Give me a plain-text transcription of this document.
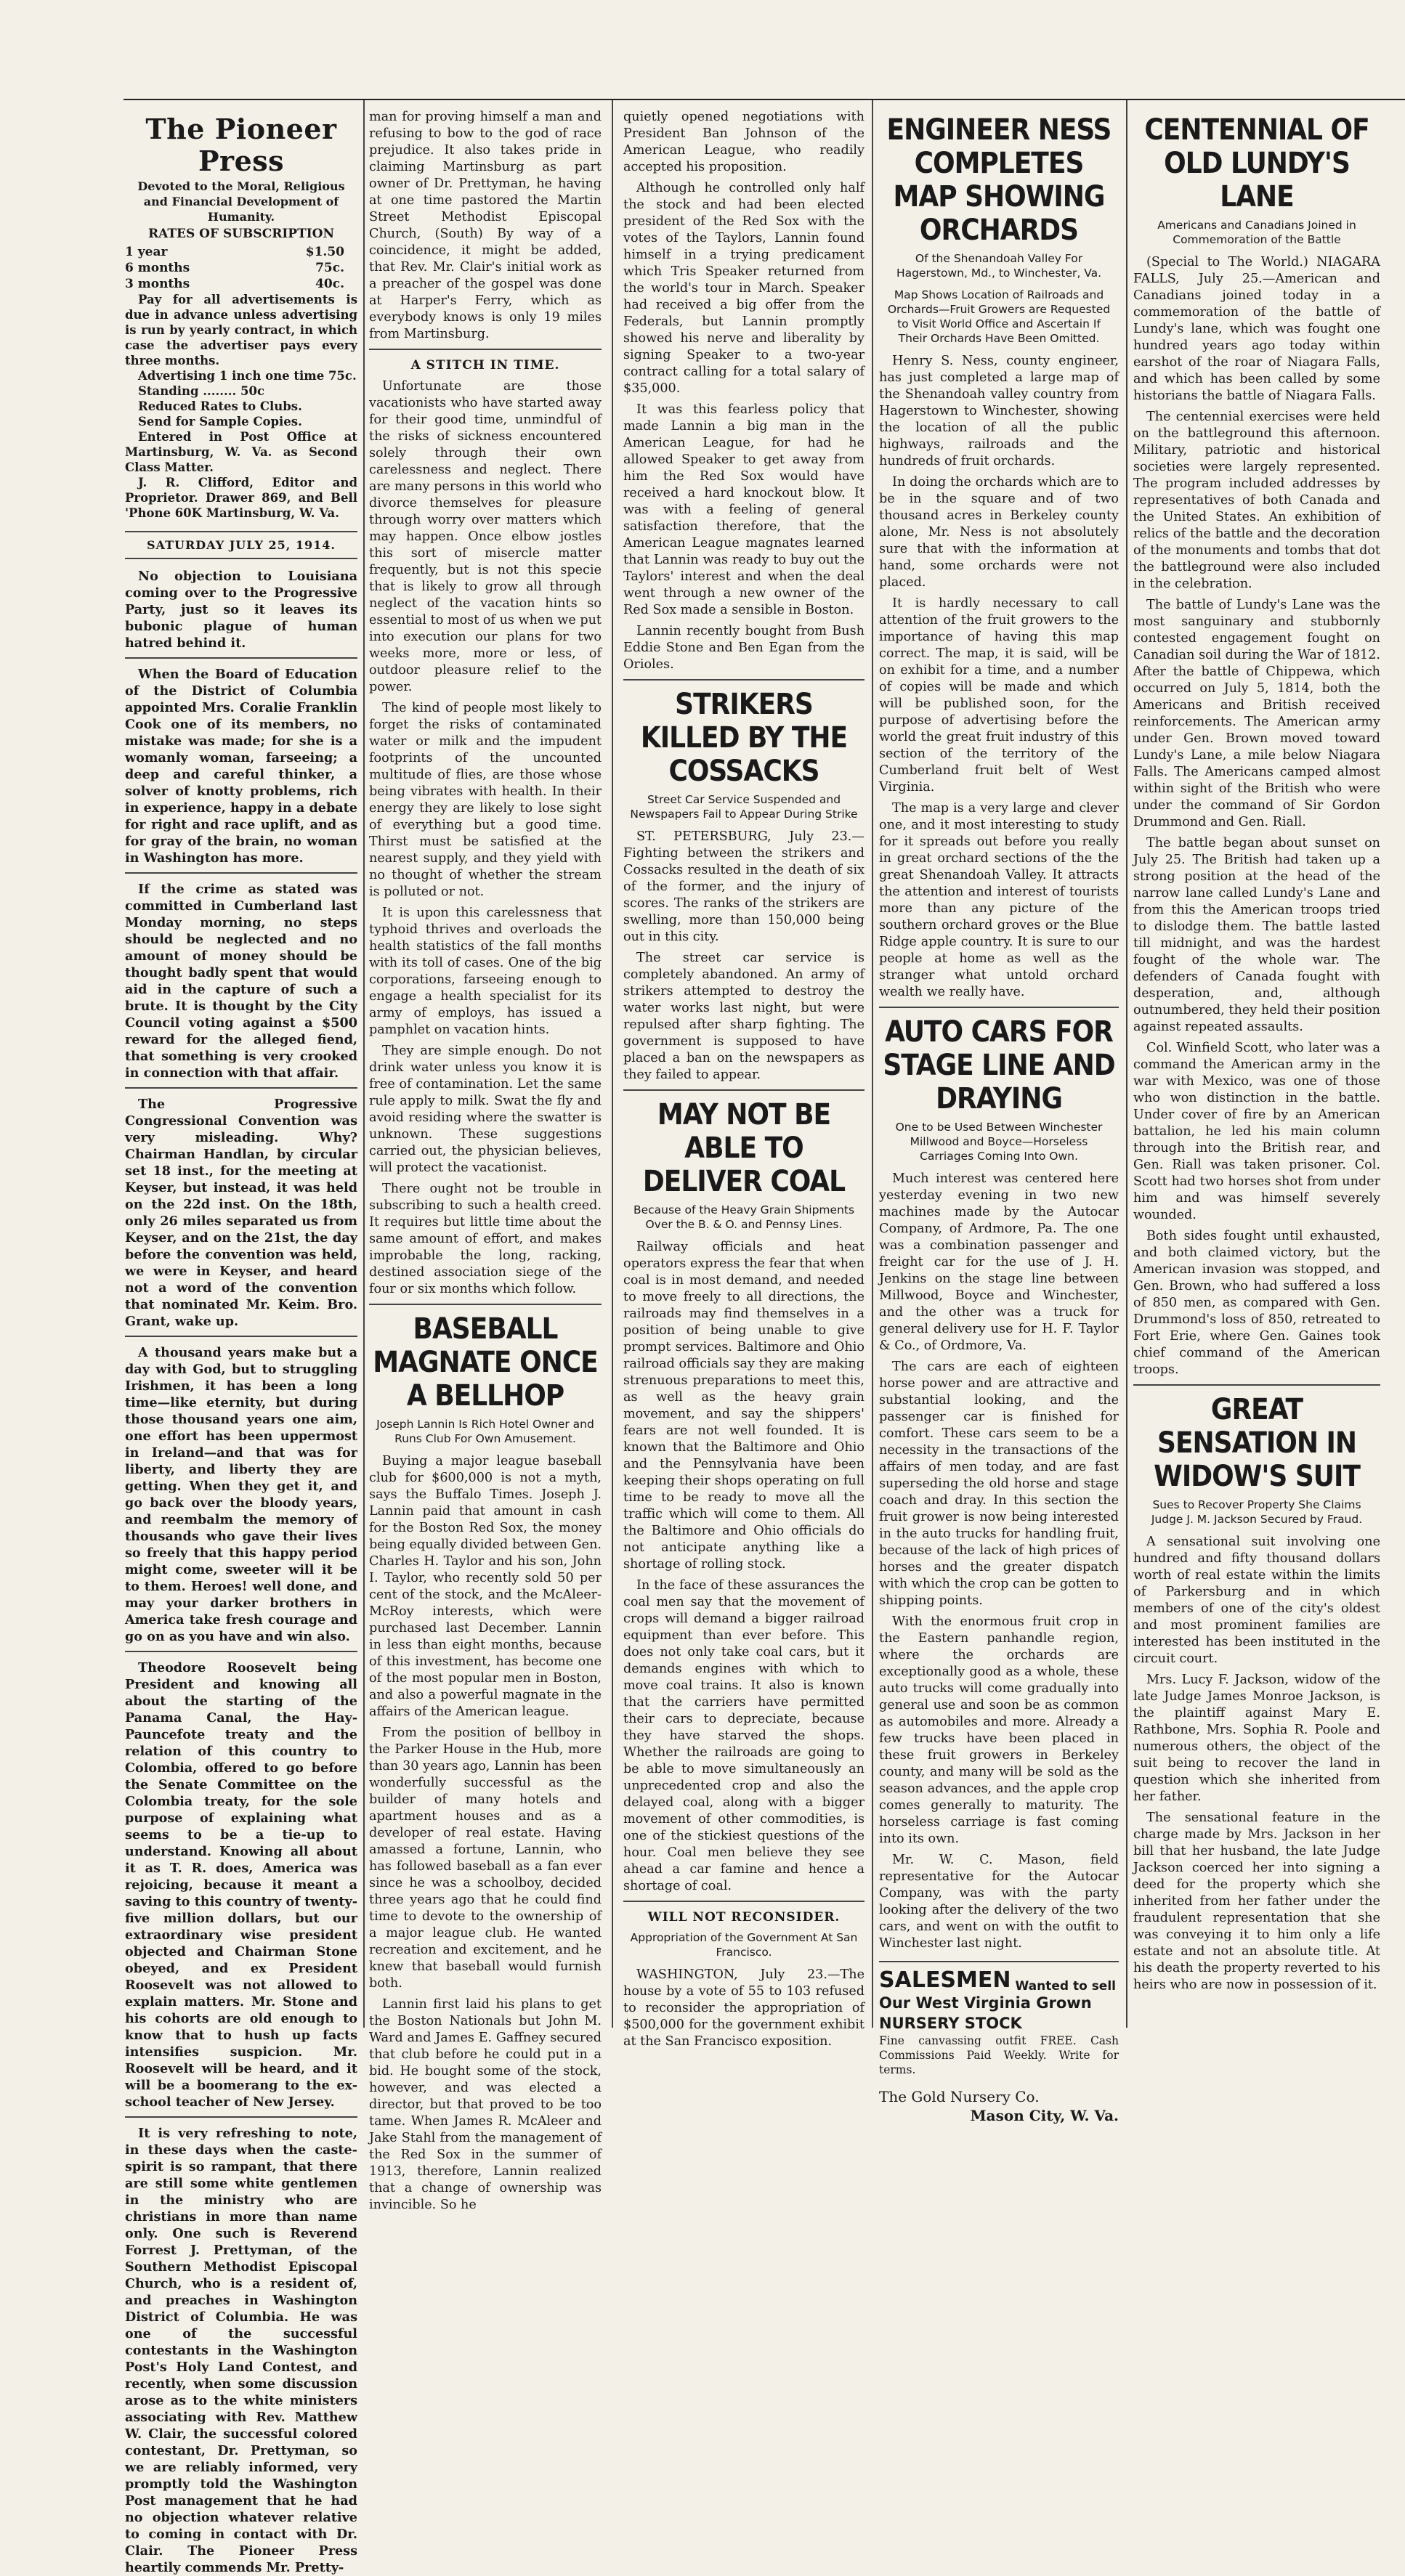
The Pioneer Press
Devoted to the Moral, Religious and Financial Development of Humanity.
RATES OF SUBSCRIPTION
1 year	$1.50
6 months	75c.
3 months	40c.

Pay for all advertisements is due in advance unless advertising is run by yearly contract, in which case the advertiser pays every three months.

Advertising 1 inch one time 75c.

Standing ........ 50c

Reduced Rates to Clubs.

Send for Sample Copies.

Entered in Post Office at Martinsburg, W. Va. as Second Class Matter.

J. R. Clifford, Editor and Proprietor. Drawer 869, and Bell 'Phone 60K Martinsburg, W. Va.

SATURDAY JULY 25, 1914.

No objection to Louisiana coming over to the Progressive Party, just so it leaves its bubonic plague of human hatred behind it.

When the Board of Education of the District of Columbia appointed Mrs. Coralie Franklin Cook one of its members, no mistake was made; for she is a womanly woman, farseeing; a deep and careful thinker, a solver of knotty problems, rich in experience, happy in a debate for right and race uplift, and as for gray of the brain, no woman in Washington has more.

If the crime as stated was committed in Cumberland last Monday morning, no steps should be neglected and no amount of money should be thought badly spent that would aid in the capture of such a brute. It is thought by the City Council voting against a $500 reward for the alleged fiend, that something is very crooked in connection with that affair.

The Progressive Congressional Convention was very misleading. Why? Chairman Handlan, by circular set 18 inst., for the meeting at Keyser, but instead, it was held on the 22d inst. On the 18th, only 26 miles separated us from Keyser, and on the 21st, the day before the convention was held, we were in Keyser, and heard not a word of the convention that nominated Mr. Keim. Bro. Grant, wake up.

A thousand years make but a day with God, but to struggling Irishmen, it has been a long time—like eternity, but during those thousand years one aim, one effort has been uppermost in Ireland—and that was for liberty, and liberty they are getting. When they get it, and go back over the bloody years, and reembalm the memory of thousands who gave their lives so freely that this happy period might come, sweeter will it be to them. Heroes! well done, and may your darker brothers in America take fresh courage and go on as you have and win also.

Theodore Roosevelt being President and knowing all about the starting of the Panama Canal, the Hay-Pauncefote treaty and the relation of this country to Colombia, offered to go before the Senate Committee on the Colombia treaty, for the sole purpose of explaining what seems to be a tie-up to understand. Knowing all about it as T. R. does, America was rejoicing, because it meant a saving to this country of twenty-five million dollars, but our extraordinary wise president objected and Chairman Stone obeyed, and ex President Roosevelt was not allowed to explain matters. Mr. Stone and his cohorts are old enough to know that to hush up facts intensifies suspicion. Mr. Roosevelt will be heard, and it will be a boomerang to the ex-school teacher of New Jersey.

It is very refreshing to note, in these days when the caste-spirit is so rampant, that there are still some white gentlemen in the ministry who are christians in more than name only. One such is Reverend Forrest J. Prettyman, of the Southern Methodist Episcopal Church, who is a resident of, and preaches in Washington District of Columbia. He was one of the successful contestants in the Washington Post's Holy Land Contest, and recently, when some discussion arose as to the white ministers associating with Rev. Matthew W. Clair, the successful colored contestant, Dr. Prettyman, so we are reliably informed, very promptly told the Washington Post management that he had no objection whatever relative to coming in contact with Dr. Clair. The Pioneer Press heartily commends Mr. Pretty-

man for proving himself a man and refusing to bow to the god of race prejudice. It also takes pride in claiming Martinsburg as part owner of Dr. Prettyman, he having at one time pastored the Martin Street Methodist Episcopal Church, (South) By way of a coincidence, it might be added, that Rev. Mr. Clair's initial work as a preacher of the gospel was done at Harper's Ferry, which as everybody knows is only 19 miles from Martinsburg.

A STITCH IN TIME.

Unfortunate are those vacationists who have started away for their good time, unmindful of the risks of sickness encountered solely through their own carelessness and neglect. There are many persons in this world who divorce themselves for pleasure through worry over matters which may happen. Once elbow jostles this sort of misercle matter frequently, but is not this specie that is likely to grow all through neglect of the vacation hints so essential to most of us when we put into execution our plans for two weeks more, more or less, of outdoor pleasure relief to the power.

The kind of people most likely to forget the risks of contaminated water or milk and the impudent footprints of the uncounted multitude of flies, are those whose being vibrates with health. In their energy they are likely to lose sight of everything but a good time. Thirst must be satisfied at the nearest supply, and they yield with no thought of whether the stream is polluted or not.

It is upon this carelessness that typhoid thrives and overloads the health statistics of the fall months with its toll of cases. One of the big corporations, farseeing enough to engage a health specialist for its army of employs, has issued a pamphlet on vacation hints.

They are simple enough. Do not drink water unless you know it is free of contamination. Let the same rule apply to milk. Swat the fly and avoid residing where the swatter is unknown. These suggestions carried out, the physician believes, will protect the vacationist.

There ought not be trouble in subscribing to such a health creed. It requires but little time about the same amount of effort, and makes improbable the long, racking, destined association siege of the four or six months which follow.

BASEBALL MAGNATE ONCE A BELLHOP
Joseph Lannin Is Rich Hotel Owner and Runs Club For Own Amusement.

Buying a major league baseball club for $600,000 is not a myth, says the Buffalo Times. Joseph J. Lannin paid that amount in cash for the Boston Red Sox, the money being equally divided between Gen. Charles H. Taylor and his son, John I. Taylor, who recently sold 50 per cent of the stock, and the McAleer-McRoy interests, which were purchased last December. Lannin in less than eight months, because of this investment, has become one of the most popular men in Boston, and also a powerful magnate in the affairs of the American league.

From the position of bellboy in the Parker House in the Hub, more than 30 years ago, Lannin has been wonderfully successful as the builder of many hotels and apartment houses and as a developer of real estate. Having amassed a fortune, Lannin, who has followed baseball as a fan ever since he was a schoolboy, decided three years ago that he could find time to devote to the ownership of a major league club. He wanted recreation and excitement, and he knew that baseball would furnish both.

Lannin first laid his plans to get the Boston Nationals but John M. Ward and James E. Gaffney secured that club before he could put in a bid. He bought some of the stock, however, and was elected a director, but that proved to be too tame. When James R. McAleer and Jake Stahl from the management of the Red Sox in the summer of 1913, therefore, Lannin realized that a change of ownership was invincible. So he

quietly opened negotiations with President Ban Johnson of the American League, who readily accepted his proposition.

Although he controlled only half the stock and had been elected president of the Red Sox with the votes of the Taylors, Lannin found himself in a trying predicament which Tris Speaker returned from the world's tour in March. Speaker had received a big offer from the Federals, but Lannin promptly showed his nerve and liberality by signing Speaker to a two-year contract calling for a total salary of $35,000.

It was this fearless policy that made Lannin a big man in the American League, for had he allowed Speaker to get away from him the Red Sox would have received a hard knockout blow. It was with a feeling of general satisfaction therefore, that the American League magnates learned that Lannin was ready to buy out the Taylors' interest and when the deal went through a new owner of the Red Sox made a sensible in Boston.

Lannin recently bought from Bush Eddie Stone and Ben Egan from the Orioles.

STRIKERS KILLED BY THE COSSACKS
Street Car Service Suspended and Newspapers Fail to Appear During Strike

ST. PETERSBURG, July 23.—Fighting between the strikers and Cossacks resulted in the death of six of the former, and the injury of scores. The ranks of the strikers are swelling, more than 150,000 being out in this city.

The street car service is completely abandoned. An army of strikers attempted to destroy the water works last night, but were repulsed after sharp fighting. The government is supposed to have placed a ban on the newspapers as they failed to appear.

MAY NOT BE ABLE TO DELIVER COAL
Because of the Heavy Grain Shipments Over the B. & O. and Pennsy Lines.

Railway officials and heat operators express the fear that when coal is in most demand, and needed to move freely to all directions, the railroads may find themselves in a position of being unable to give prompt services. Baltimore and Ohio railroad officials say they are making strenuous preparations to meet this, as well as the heavy grain movement, and say the shippers' fears are not well founded. It is known that the Baltimore and Ohio and the Pennsylvania have been keeping their shops operating on full time to be ready to move all the traffic which will come to them. All the Baltimore and Ohio officials do not anticipate anything like a shortage of rolling stock.

In the face of these assurances the coal men say that the movement of crops will demand a bigger railroad equipment than ever before. This does not only take coal cars, but it demands engines with which to move coal trains. It also is known that the carriers have permitted their cars to depreciate, because they have starved the shops. Whether the railroads are going to be able to move simultaneously an unprecedented crop and also the delayed coal, along with a bigger movement of other commodities, is one of the stickiest questions of the hour. Coal men believe they see ahead a car famine and hence a shortage of coal.

WILL NOT RECONSIDER.
Appropriation of the Government At San Francisco.

WASHINGTON, July 23.—The house by a vote of 55 to 103 refused to reconsider the appropriation of $500,000 for the government exhibit at the San Francisco exposition.

ENGINEER NESS COMPLETES MAP SHOWING ORCHARDS
Of the Shenandoah Valley For Hagerstown, Md., to Winchester, Va.
Map Shows Location of Railroads and Orchards—Fruit Growers are Requested to Visit World Office and Ascertain If Their Orchards Have Been Omitted.

Henry S. Ness, county engineer, has just completed a large map of the Shenandoah valley country from Hagerstown to Winchester, showing the location of all the public highways, railroads and the hundreds of fruit orchards.

In doing the orchards which are to be in the square and of two thousand acres in Berkeley county alone, Mr. Ness is not absolutely sure that with the information at hand, some orchards were not placed.

It is hardly necessary to call attention of the fruit growers to the importance of having this map correct. The map, it is said, will be on exhibit for a time, and a number of copies will be made and which will be published soon, for the purpose of advertising before the world the great fruit industry of this section of the territory of the Cumberland fruit belt of West Virginia.

The map is a very large and clever one, and it most interesting to study for it spreads out before you really in great orchard sections of the the great Shenandoah Valley. It attracts the attention and interest of tourists more than any picture of the southern orchard groves or the Blue Ridge apple country. It is sure to our people at home as well as the stranger what untold orchard wealth we really have.

AUTO CARS FOR STAGE LINE AND DRAYING
One to be Used Between Winchester Millwood and Boyce—Horseless Carriages Coming Into Own.

Much interest was centered here yesterday evening in two new machines made by the Autocar Company, of Ardmore, Pa. The one was a combination passenger and freight car for the use of J. H. Jenkins on the stage line between Millwood, Boyce and Winchester, and the other was a truck for general delivery use for H. F. Taylor & Co., of Ordmore, Va.

The cars are each of eighteen horse power and are attractive and substantial looking, and the passenger car is finished for comfort. These cars seem to be a necessity in the transactions of the affairs of men today, and are fast superseding the old horse and stage coach and dray. In this section the fruit grower is now being interested in the auto trucks for handling fruit, because of the lack of high prices of horses and the greater dispatch with which the crop can be gotten to shipping points.

With the enormous fruit crop in the Eastern panhandle region, where the orchards are exceptionally good as a whole, these auto trucks will come gradually into general use and soon be as common as automobiles and more. Already a few trucks have been placed in these fruit growers in Berkeley county, and many will be sold as the season advances, and the apple crop comes generally to maturity. The horseless carriage is fast coming into its own.

Mr. W. C. Mason, field representative for the Autocar Company, was with the party looking after the delivery of the two cars, and went on with the outfit to Winchester last night.

SALESMEN Wanted to sell
Our West Virginia Grown
NURSERY STOCK
Fine canvassing outfit FREE. Cash Commissions Paid Weekly. Write for terms.
The Gold Nursery Co.
Mason City, W. Va.
CENTENNIAL OF OLD LUNDY'S LANE
Americans and Canadians Joined in Commemoration of the Battle

(Special to The World.) NIAGARA FALLS, July 25.—American and Canadians joined today in a commemoration of the battle of Lundy's lane, which was fought one hundred years ago today within earshot of the roar of Niagara Falls, and which has been called by some historians the battle of Niagara Falls.

The centennial exercises were held on the battleground this afternoon. Military, patriotic and historical societies were largely represented. The program included addresses by representatives of both Canada and the United States. An exhibition of relics of the battle and the decoration of the monuments and tombs that dot the battleground were also included in the celebration.

The battle of Lundy's Lane was the most sanguinary and stubbornly contested engagement fought on Canadian soil during the War of 1812. After the battle of Chippewa, which occurred on July 5, 1814, both the Americans and British received reinforcements. The American army under Gen. Brown moved toward Lundy's Lane, a mile below Niagara Falls. The Americans camped almost within sight of the British who were under the command of Sir Gordon Drummond and Gen. Riall.

The battle began about sunset on July 25. The British had taken up a strong position at the head of the narrow lane called Lundy's Lane and from this the American troops tried to dislodge them. The battle lasted till midnight, and was the hardest fought of the whole war. The defenders of Canada fought with desperation, and, although outnumbered, they held their position against repeated assaults.

Col. Winfield Scott, who later was a command the American army in the war with Mexico, was one of those who won distinction in the battle. Under cover of fire by an American battalion, he led his main column through into the British rear, and Gen. Riall was taken prisoner. Col. Scott had two horses shot from under him and was himself severely wounded.

Both sides fought until exhausted, and both claimed victory, but the American invasion was stopped, and Gen. Brown, who had suffered a loss of 850 men, as compared with Gen. Drummond's loss of 850, retreated to Fort Erie, where Gen. Gaines took chief command of the American troops.

GREAT SENSATION IN WIDOW'S SUIT
Sues to Recover Property She Claims Judge J. M. Jackson Secured by Fraud.

A sensational suit involving one hundred and fifty thousand dollars worth of real estate within the limits of Parkersburg and in which members of one of the city's oldest and most prominent families are interested has been instituted in the circuit court.

Mrs. Lucy F. Jackson, widow of the late Judge James Monroe Jackson, is the plaintiff against Mary E. Rathbone, Mrs. Sophia R. Poole and numerous others, the object of the suit being to recover the land in question which she inherited from her father.

The sensational feature in the charge made by Mrs. Jackson in her bill that her husband, the late Judge Jackson coerced her into signing a deed for the property which she inherited from her father under the fraudulent representation that she was conveying it to him only a life estate and not an absolute title. At his death the property reverted to his heirs who are now in possession of it.
